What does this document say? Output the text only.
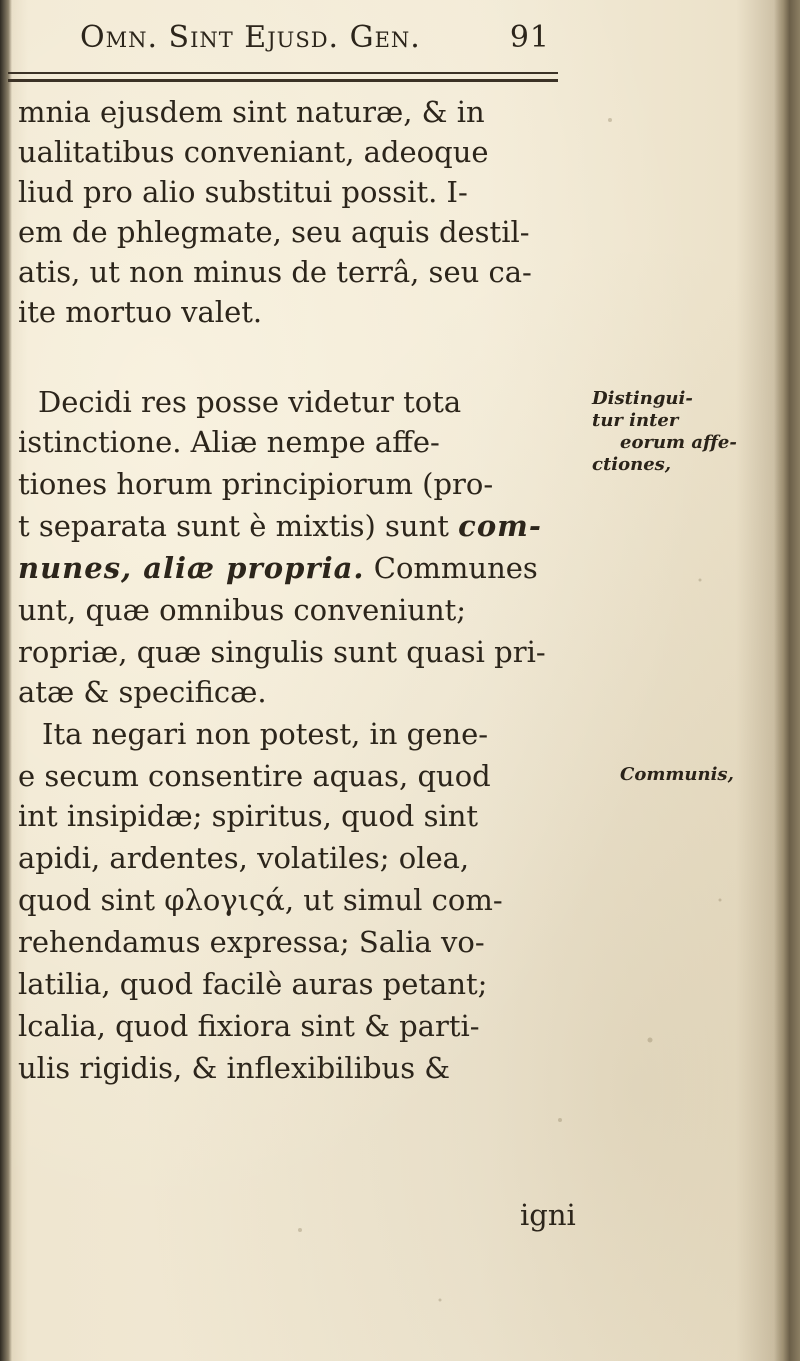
Omn. Sint Ejusd. Gen.	91
mnia ejusdem sint naturæ, & in
ualitatibus conveniant, adeoque
liud pro alio substitui possit. I-
em de phlegmate, seu aquis destil-
atis, ut non minus de terrâ, seu ca-
ite mortuo valet.
Decidi res posse videtur tota
istinctione. Aliæ nempe affe-
tiones horum principiorum (pro-
t separata sunt è mixtis) sunt com-
nunes, aliæ propria. Communes
unt, quæ omnibus conveniunt;
ropriæ, quæ singulis sunt quasi pri-
atæ & specificæ.
Ita negari non potest, in gene-
e secum consentire aquas, quod
int insipidæ; spiritus, quod sint
apidi, ardentes, volatiles; olea,
quod sint φλογιςά, ut simul com-
rehendamus expressa; Salia vo-
latilia, quod facilè auras petant;
lcalia, quod fixiora sint & parti-
ulis rigidis, & inflexibilibus &
Distingui-
tur inter
eorum affe-
ctiones,
Communis,
igni
